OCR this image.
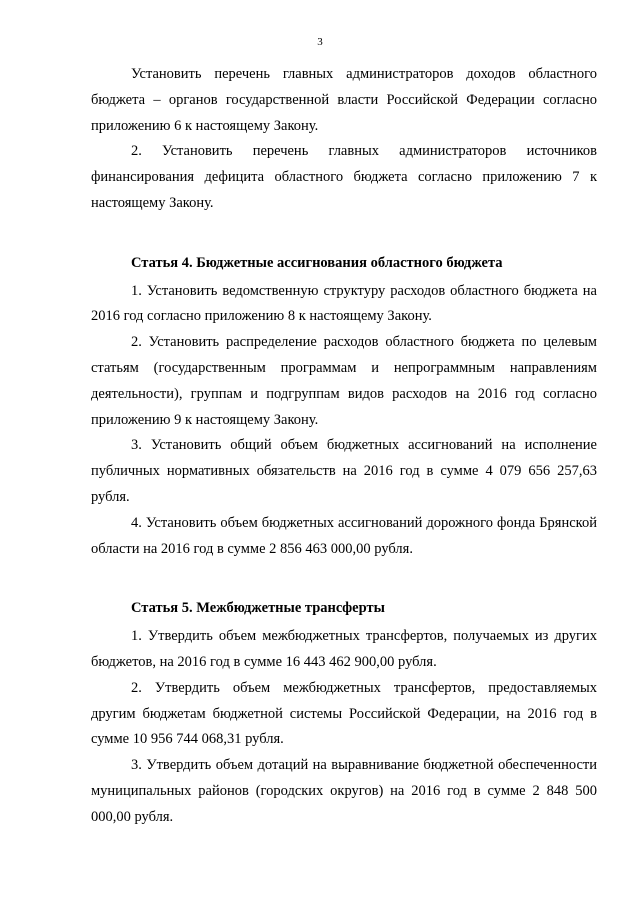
3

Установить перечень главных администраторов доходов областного бюджета – органов государственной власти Российской Федерации согласно приложению 6 к настоящему Закону.

2. Установить перечень главных администраторов источников финансирования дефицита областного бюджета согласно приложению 7 к настоящему Закону.

Статья 4. Бюджетные ассигнования областного бюджета

1. Установить ведомственную структуру расходов областного бюджета на 2016 год согласно приложению 8 к настоящему Закону.

2. Установить распределение расходов областного бюджета по целевым статьям (государственным программам и непрограммным направлениям деятельности), группам и подгруппам видов расходов на 2016 год согласно приложению 9 к настоящему Закону.

3. Установить общий объем бюджетных ассигнований на исполнение публичных нормативных обязательств на 2016 год в сумме 4 079 656 257,63 рубля.

4. Установить объем бюджетных ассигнований дорожного фонда Брянской области на 2016 год в сумме 2 856 463 000,00 рубля.

Статья 5. Межбюджетные трансферты

1. Утвердить объем межбюджетных трансфертов, получаемых из других бюджетов, на 2016 год в сумме 16 443 462 900,00 рубля.

2. Утвердить объем межбюджетных трансфертов, предоставляемых другим бюджетам бюджетной системы Российской Федерации, на 2016 год в сумме 10 956 744 068,31 рубля.

3. Утвердить объем дотаций на выравнивание бюджетной обеспеченности муниципальных районов (городских округов) на 2016 год в сумме 2 848 500 000,00 рубля.
